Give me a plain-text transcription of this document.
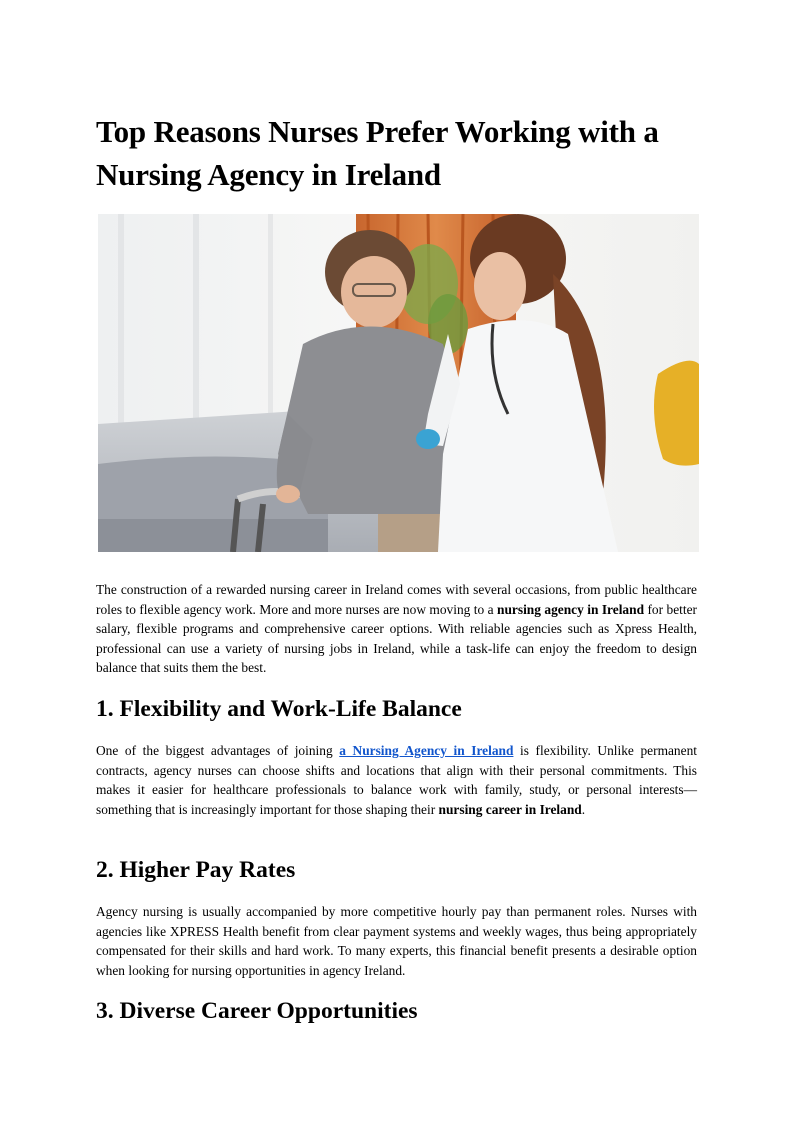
Top Reasons Nurses Prefer Working with a Nursing Agency in Ireland

The construction of a rewarded nursing career in Ireland comes with several occasions, from public healthcare roles to flexible agency work. More and more nurses are now moving to a nursing agency in Ireland for better salary, flexible programs and comprehensive career options. With reliable agencies such as Xpress Health, professional can use a variety of nursing jobs in Ireland, while a task-life can enjoy the freedom to design balance that suits them the best.

1. Flexibility and Work-Life Balance

One of the biggest advantages of joining a Nursing Agency in Ireland is flexibility. Unlike permanent contracts, agency nurses can choose shifts and locations that align with their personal commitments. This makes it easier for healthcare professionals to balance work with family, study, or personal interests—something that is increasingly important for those shaping their nursing career in Ireland.

2. Higher Pay Rates

Agency nursing is usually accompanied by more competitive hourly pay than permanent roles. Nurses with agencies like XPRESS Health benefit from clear payment systems and weekly wages, thus being appropriately compensated for their skills and hard work. To many experts, this financial benefit presents a desirable option when looking for nursing opportunities in agency Ireland.

3. Diverse Career Opportunities
